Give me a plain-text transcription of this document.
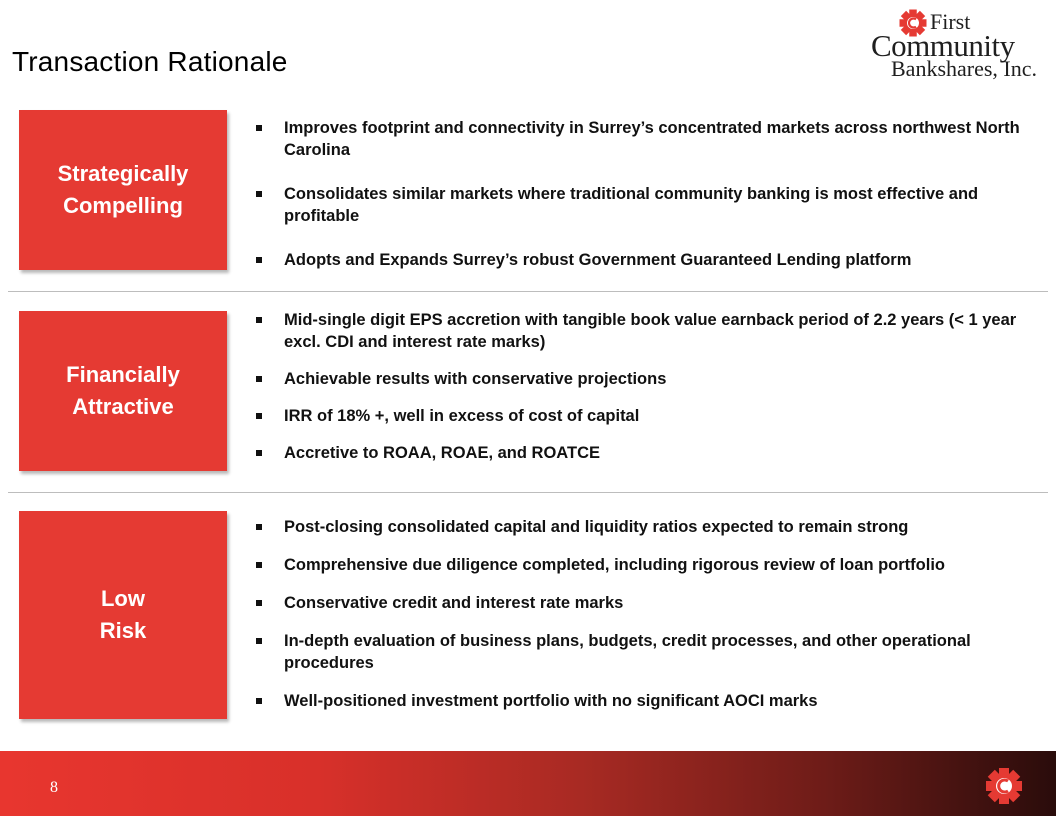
Transaction Rationale
First
Community
Bankshares, Inc.
Strategically
Compelling
Improves footprint and connectivity in Surrey’s concentrated markets across northwest North Carolina
Consolidates similar markets where traditional community banking is most effective and profitable
Adopts and Expands Surrey’s robust Government Guaranteed Lending platform
Financially
Attractive
Mid-single digit EPS accretion with tangible book value earnback period of 2.2 years (< 1 year excl. CDI and interest rate marks)
Achievable results with conservative projections
IRR of 18% +, well in excess of cost of capital
Accretive to ROAA, ROAE, and ROATCE
Low
Risk
Post-closing consolidated capital and liquidity ratios expected to remain strong
Comprehensive due diligence completed, including rigorous review of loan portfolio
Conservative credit and interest rate marks
In-depth evaluation of business plans, budgets, credit processes, and other operational procedures
Well-positioned investment portfolio with no significant AOCI marks
8
